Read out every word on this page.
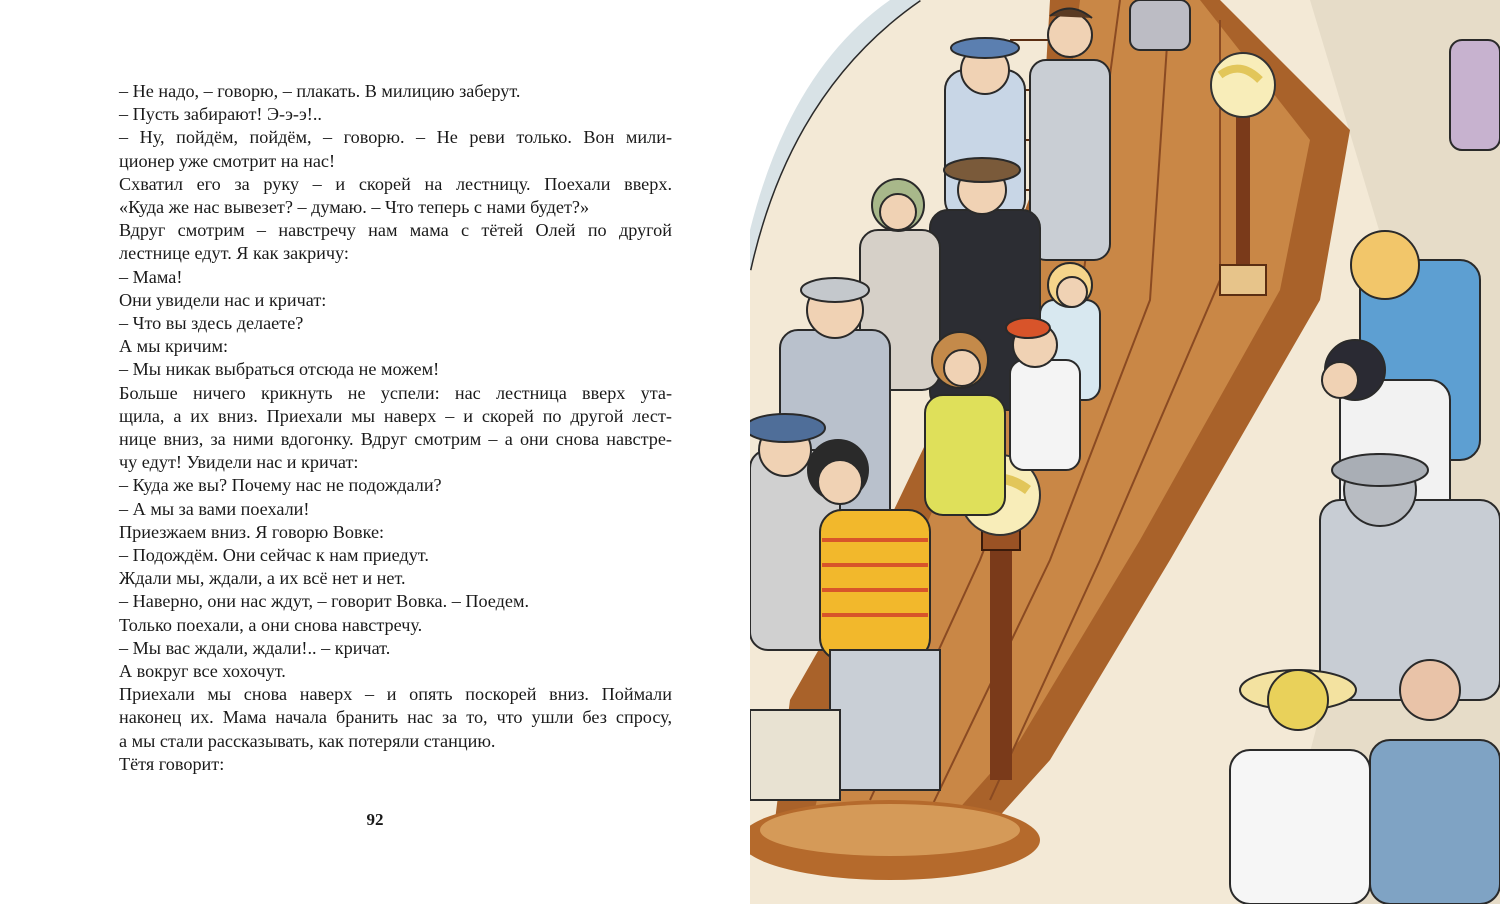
– Не надо, – говорю, – плакать. В милицию заберут.
– Пусть забирают! Э-э-э!..
– Ну, пойдём, пойдём, – говорю. – Не реви только. Вон мили-
ционер уже смотрит на нас!
Схватил его за руку – и скорей на лестницу. Поехали вверх.
«Куда же нас вывезет? – думаю. – Что теперь с нами будет?»
Вдруг смотрим – навстречу нам мама с тётей Олей по другой
лестнице едут. Я как закричу:
– Мама!
Они увидели нас и кричат:
– Что вы здесь делаете?
А мы кричим:
– Мы никак выбраться отсюда не можем!
Больше ничего крикнуть не успели: нас лестница вверх ута-
щила, а их вниз. Приехали мы наверх – и скорей по другой лест-
нице вниз, за ними вдогонку. Вдруг смотрим – а они снова навстре-
чу едут! Увидели нас и кричат:
– Куда же вы? Почему нас не подождали?
– А мы за вами поехали!
Приезжаем вниз. Я говорю Вовке:
– Подождём. Они сейчас к нам приедут.
Ждали мы, ждали, а их всё нет и нет.
– Наверно, они нас ждут, – говорит Вовка. – Поедем.
Только поехали, а они снова навстречу.
– Мы вас ждали, ждали!.. – кричат.
А вокруг все хохочут.
Приехали мы снова наверх – и опять поскорей вниз. Поймали
наконец их. Мама начала бранить нас за то, что ушли без спросу,
а мы стали рассказывать, как потеряли станцию.
Тётя говорит:
92
